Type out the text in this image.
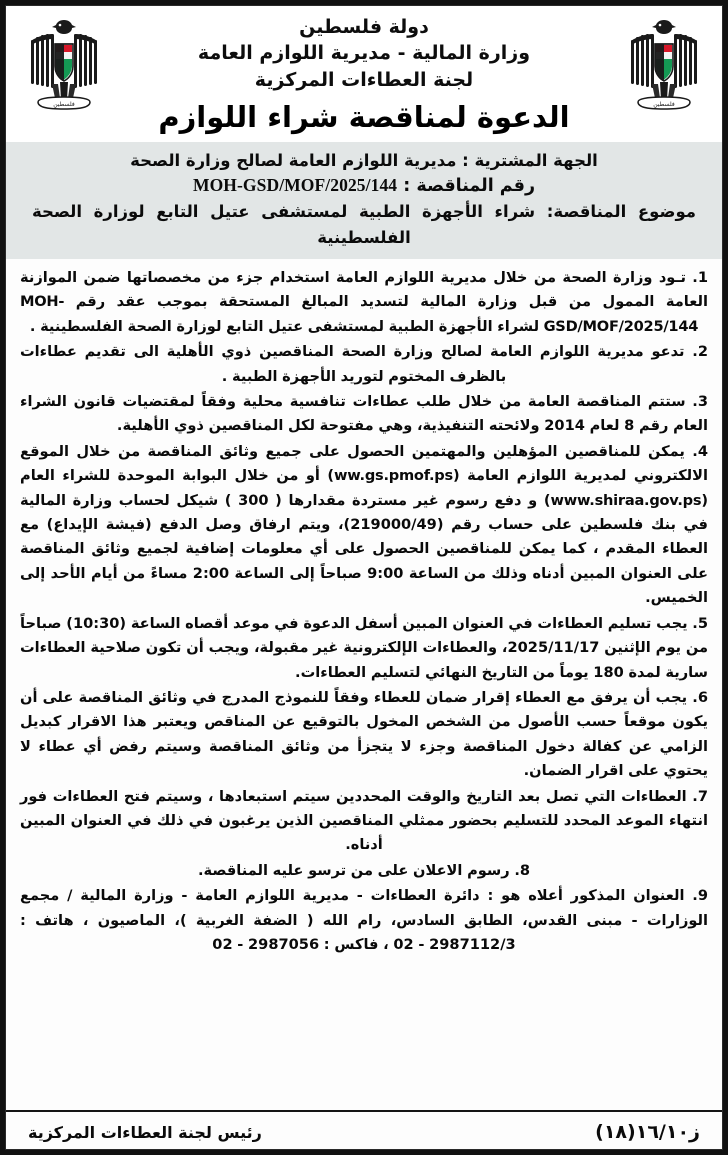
فلسطين	فلسطين
دولة فلسطين
وزارة المالية - مديرية اللوازم العامة
لجنة العطاءات المركزية
الدعوة لمناقصة شراء اللوازم
الجهة المشترية : مديرية اللوازم العامة لصالح وزارة الصحة
رقم المناقصة : MOH-GSD/MOF/2025/144
موضوع المناقصة: شراء الأجهزة الطبية لمستشفى عتيل التابع لوزارة الصحة الفلسطينية

1. تـود وزارة الصحة من خلال مديرية اللوازم العامة استخدام جزء من مخصصاتها ضمن الموازنة العامة الممول من قبل وزارة المالية لتسديد المبالغ المستحقة بموجب عقد رقم MOH-GSD/MOF/2025/144 لشراء الأجهزة الطبية لمستشفى عتيل التابع لوزارة الصحة الفلسطينية .

2. تدعو مديرية اللوازم العامة لصالح وزارة الصحة المناقصين ذوي الأهلية الى تقديم عطاءات بالظرف المختوم لتوريد الأجهزة الطبية .

3. ستتم المناقصة العامة من خلال طلب عطاءات تنافسية محلية وفقاً لمقتضيات قانون الشراء العام رقم 8 لعام 2014 ولائحته التنفيذية، وهي مفتوحة لكل المناقصين ذوي الأهلية.

4. يمكن للمناقصين المؤهلين والمهتمين الحصول على جميع وثائق المناقصة من خلال الموقع الالكتروني لمديرية اللوازم العامة (ww.gs.pmof.ps) أو من خلال البوابة الموحدة للشراء العام (www.shiraa.gov.ps) و دفع رسوم غير مستردة مقدارها ( 300 ) شيكل لحساب وزارة المالية في بنك فلسطين على حساب رقم (219000/49)، ويتم ارفاق وصل الدفع (فيشة الإيداع) مع العطاء المقدم ، كما يمكن للمناقصين الحصول على أي معلومات إضافية لجميع وثائق المناقصة على العنوان المبين أدناه وذلك من الساعة 9:00 صباحاً إلى الساعة 2:00 مساءً من أيام الأحد إلى الخميس.

5. يجب تسليم العطاءات في العنوان المبين أسفل الدعوة في موعد أقصاه الساعة (10:30) صباحاً من يوم الإثنين 2025/11/17، والعطاءات الإلكترونية غير مقبولة، ويجب أن تكون صلاحية العطاءات سارية لمدة 180 يوماً من التاريخ النهائي لتسليم العطاءات.

6. يجب أن يرفق مع العطاء إقرار ضمان للعطاء وفقاً للنموذج المدرج في وثائق المناقصة على أن يكون موقعاً حسب الأصول من الشخص المخول بالتوقيع عن المناقص ويعتبر هذا الاقرار كبديل الزامي عن كفالة دخول المناقصة وجزء لا يتجزأ من وثائق المناقصة وسيتم رفض أي عطاء لا يحتوي على اقرار الضمان.

7. العطاءات التي تصل بعد التاريخ والوقت المحددين سيتم استبعادها ، وسيتم فتح العطاءات فور انتهاء الموعد المحدد للتسليم بحضور ممثلي المناقصين الذين يرغبون في ذلك في العنوان المبين أدناه.

8. رسوم الاعلان على من ترسو عليه المناقصة.

9. العنوان المذكور أعلاه هو : دائرة العطاءات - مديرية اللوازم العامة - وزارة المالية / مجمع الوزارات - مبنى القدس، الطابق السادس، رام الله ( الضفة الغربية )، الماصيون ، هاتف : 2987112/3 - 02 ، فاكس : 2987056 - 02

رئيس لجنة العطاءات المركزية	ز١٦/١٠(١٨)
